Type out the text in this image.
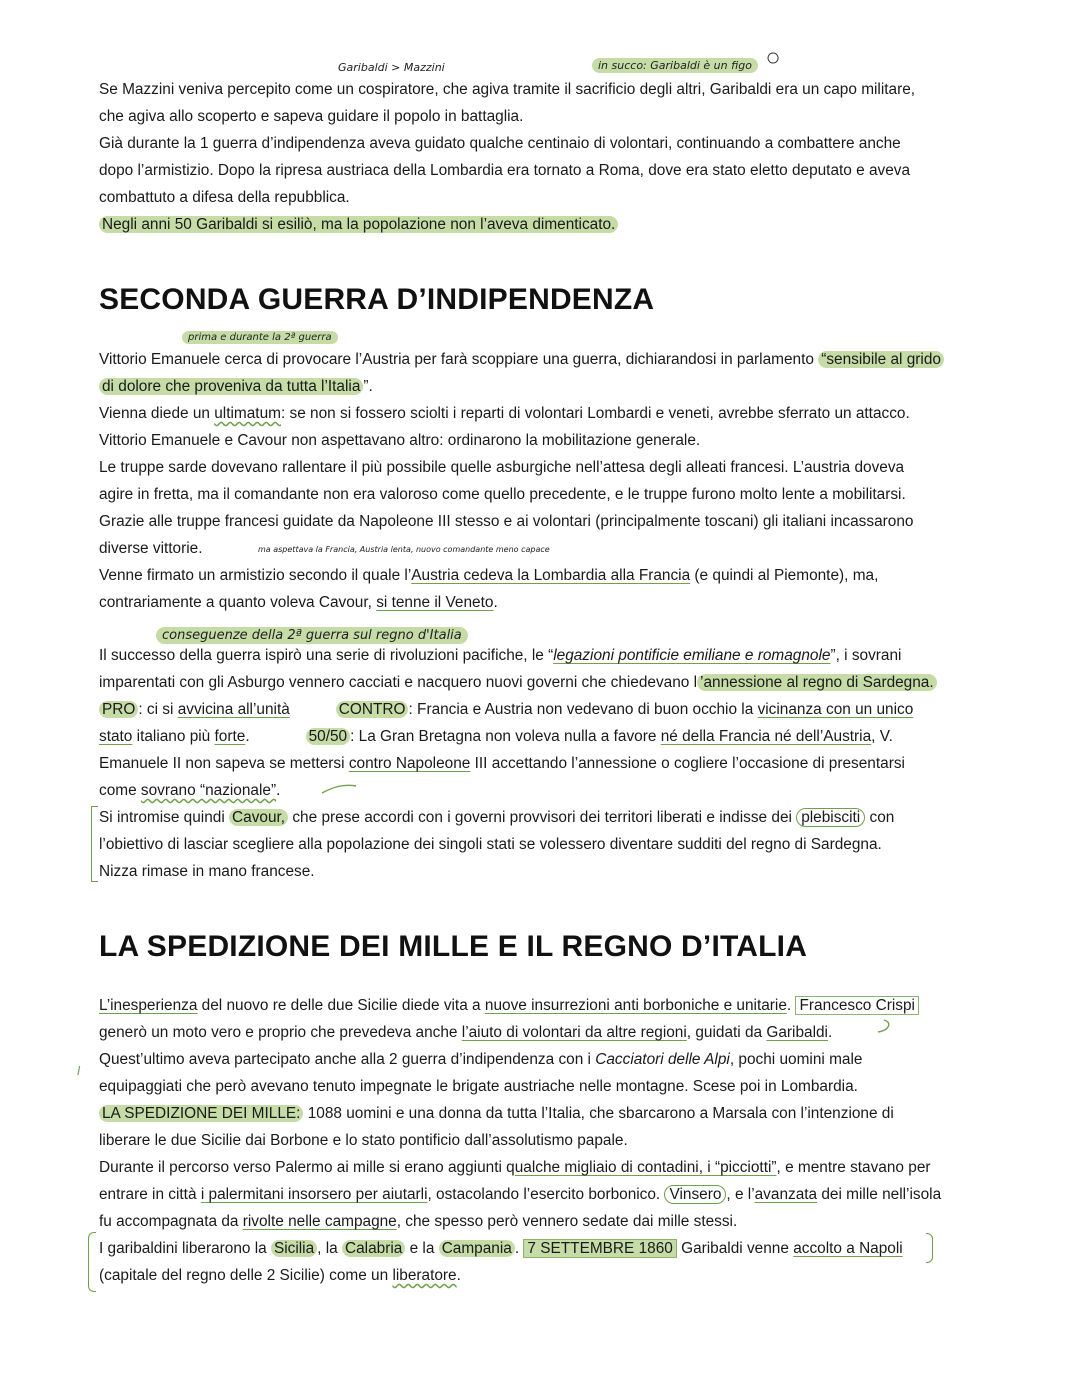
Garibaldi > Mazzini	in succo: Garibaldi è un figo

Se Mazzini veniva percepito come un cospiratore, che agiva tramite il sacrificio degli altri, Garibaldi era un capo militare,

che agiva allo scoperto e sapeva guidare il popolo in battaglia.

Già durante la 1 guerra d’indipendenza aveva guidato qualche centinaio di volontari, continuando a combattere anche

dopo l’armistizio. Dopo la ripresa austriaca della Lombardia era tornato a Roma, dove era stato eletto deputato e aveva

combattuto a difesa della repubblica.

Negli anni 50 Garibaldi si esiliò, ma la popolazione non l’aveva dimenticato.

SECONDA GUERRA D’INDIPENDENZA
prima e durante la 2ª guerra

Vittorio Emanuele cerca di provocare l’Austria per farà scoppiare una guerra, dichiarandosi in parlamento “sensibile al grido

di dolore che proveniva da tutta l’Italia ”.

Vienna diede un ultimatum: se non si fossero sciolti i reparti di volontari Lombardi e veneti, avrebbe sferrato un attacco.

Vittorio Emanuele e Cavour non aspettavano altro: ordinarono la mobilitazione generale.

Le truppe sarde dovevano rallentare il più possibile quelle asburgiche nell’attesa degli alleati francesi. L’austria doveva

agire in fretta, ma il comandante non era valoroso come quello precedente, e le truppe furono molto lente a mobilitarsi.

Grazie alle truppe francesi guidate da Napoleone III stesso e ai volontari (principalmente toscani) gli italiani incassarono

diverse vittorie.	ma aspettava la Francia, Austria lenta, nuovo comandante meno capace

Venne firmato un armistizio secondo il quale l’Austria cedeva la Lombardia alla Francia (e quindi al Piemonte), ma,

contrariamente a quanto voleva Cavour, si tenne il Veneto.

conseguenze della 2ª guerra sul regno d'Italia

Il successo della guerra ispirò una serie di rivoluzioni pacifiche, le “legazioni pontificie emiliane e romagnole”, i sovrani

imparentati con gli Asburgo vennero cacciati e nacquero nuovi governi che chiedevano l ’annessione al regno di Sardegna.

PRO : ci si avvicina all’unità	CONTRO : Francia e Austria non vedevano di buon occhio la vicinanza con un unico

stato italiano più forte.	50/50 : La Gran Bretagna non voleva nulla a favore né della Francia né dell’Austria, V.

Emanuele II non sapeva se mettersi contro Napoleone III accettando l’annessione o cogliere l’occasione di presentarsi

come sovrano “nazionale”.

Si intromise quindi Cavour, che prese accordi con i governi provvisori dei territori liberati e indisse dei plebisciti con

l’obiettivo di lasciar scegliere alla popolazione dei singoli stati se volessero diventare sudditi del regno di Sardegna.

Nizza rimase in mano francese.

LA SPEDIZIONE DEI MILLE E IL REGNO D’ITALIA

L’inesperienza del nuovo re delle due Sicilie diede vita a nuove insurrezioni anti borboniche e unitarie. Francesco Crispi

generò un moto vero e proprio che prevedeva anche l’aiuto di volontari da altre regioni, guidati da Garibaldi.

I

Quest’ultimo aveva partecipato anche alla 2 guerra d’indipendenza con i Cacciatori delle Alpi, pochi uomini male

equipaggiati che però avevano tenuto impegnate le brigate austriache nelle montagne. Scese poi in Lombardia.

LA SPEDIZIONE DEI MILLE: 1088 uomini e una donna da tutta l’Italia, che sbarcarono a Marsala con l’intenzione di

liberare le due Sicilie dai Borbone e lo stato pontificio dall’assolutismo papale.

Durante il percorso verso Palermo ai mille si erano aggiunti qualche migliaio di contadini, i “picciotti”, e mentre stavano per

entrare in città i palermitani insorsero per aiutarli, ostacolando l’esercito borbonico. Vinsero , e l’avanzata dei mille nell’isola

fu accompagnata da rivolte nelle campagne, che spesso però vennero sedate dai mille stessi.

I garibaldini liberarono la Sicilia , la Calabria e la Campania . 7 SETTEMBRE 1860 Garibaldi venne accolto a Napoli

(capitale del regno delle 2 Sicilie) come un liberatore.
